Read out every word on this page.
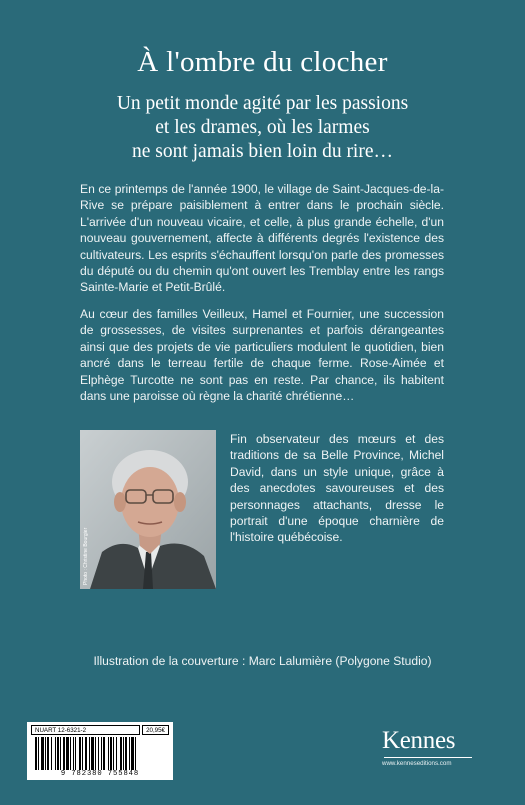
À l'ombre du clocher
Un petit monde agité par les passions
et les drames, où les larmes
ne sont jamais bien loin du rire…
En ce printemps de l'année 1900, le village de Saint-Jacques-de-la-Rive se prépare paisiblement à entrer dans le prochain siècle. L'arrivée d'un nouveau vicaire, et celle, à plus grande échelle, d'un nouveau gouvernement, affecte à différents degrés l'existence des cultivateurs. Les esprits s'échauffent lorsqu'on parle des promesses du député ou du chemin qu'ont ouvert les Tremblay entre les rangs Sainte-Marie et Petit-Brûlé.
Au cœur des familles Veilleux, Hamel et Fournier, une succession de grossesses, de visites surprenantes et parfois dérangeantes ainsi que des projets de vie particuliers modulent le quotidien, bien ancré dans le terreau fertile de chaque ferme. Rose-Aimée et Elphège Turcotte ne sont pas en reste. Par chance, ils habitent dans une paroisse où règne la charité chrétienne…
Photo : Christine Bourgier
Fin observateur des mœurs et des traditions de sa Belle Province, Michel David, dans un style unique, grâce à des anecdotes savoureuses et des personnages attachants, dresse le portrait d'une époque charnière de l'histoire québécoise.
Illustration de la couverture : Marc Lalumière (Polygone Studio)
NUART 12-6321-2	20,95€
9 782380 755848
Kennes
www.kenneseditions.com
